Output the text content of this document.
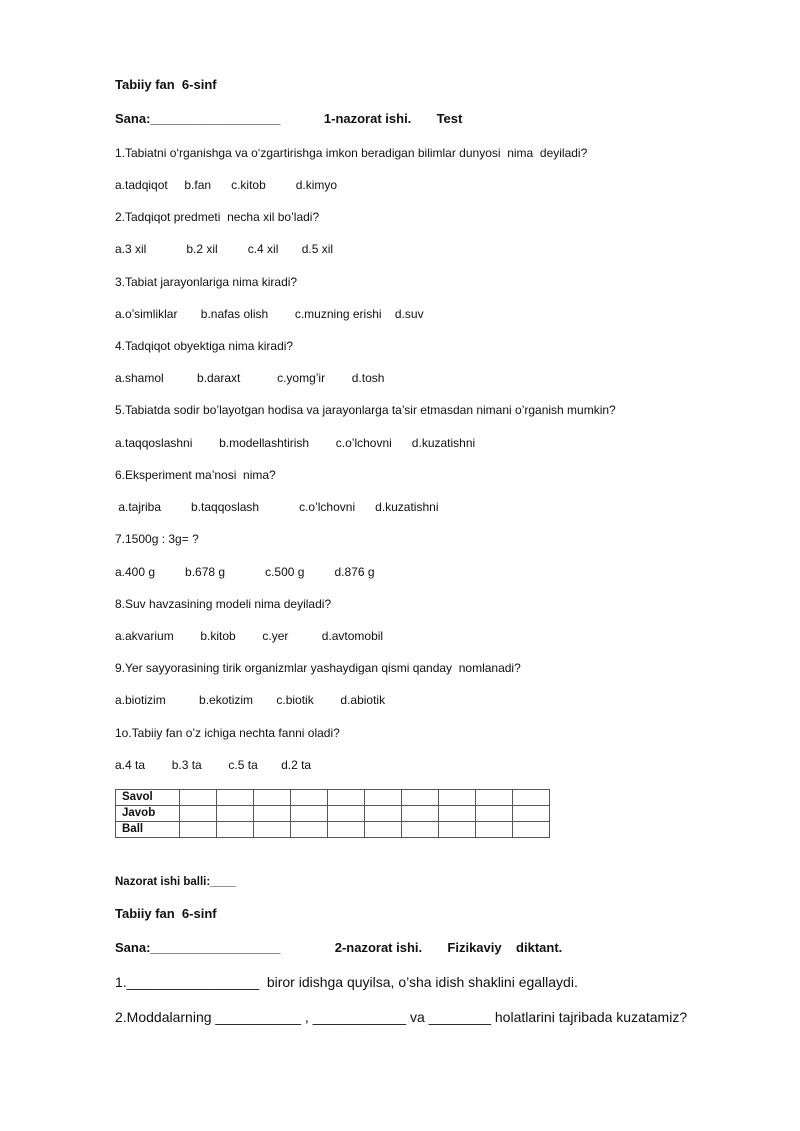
Tabiiy fan  6-sinf
Sana:__________________            1-nazorat ishi.       Test
1.Tabiatni o‘rganishga va o‘zgartirishga imkon beradigan bilimlar dunyosi  nima  deyiladi?
a.tadqiqot     b.fan      c.kitob         d.kimyo
2.Tadqiqot predmeti  necha xil bo’ladi?
a.3 xil            b.2 xil         c.4 xil       d.5 xil
3.Tabiat jarayonlariga nima kiradi?
a.o’simliklar       b.nafas olish        c.muzning erishi    d.suv
4.Tadqiqot obyektiga nima kiradi?
a.shamol          b.daraxt           c.yomg’ir        d.tosh
5.Tabiatda sodir bo’layotgan hodisa va jarayonlarga ta’sir etmasdan nimani o’rganish mumkin?
a.taqqoslashni        b.modellashtirish        c.o’lchovni      d.kuzatishni
6.Eksperiment ma’nosi  nima?
a.tajriba         b.taqqoslash            c.o’lchovni      d.kuzatishni
7.1500g : 3g= ?
a.400 g         b.678 g            c.500 g         d.876 g
8.Suv havzasining modeli nima deyiladi?
a.akvarium        b.kitob        c.yer          d.avtomobil
9.Yer sayyorasining tirik organizmlar yashaydigan qismi qanday  nomlanadi?
a.biotizim          b.ekotizim       c.biotik        d.abiotik
1o.Tabiiy fan o’z ichiga nechta fanni oladi?
a.4 ta        b.3 ta        c.5 ta       d.2 ta
Savol										
Javob										
Ball										
Nazorat ishi balli:____
Tabiiy fan  6-sinf
Sana:__________________               2-nazorat ishi.       Fizikaviy    diktant.
1._________________  biror idishga quyilsa, o’sha idish shaklini egallaydi.
2.Moddalarning ___________ , ____________ va ________ holatlarini tajribada kuzatamiz?
